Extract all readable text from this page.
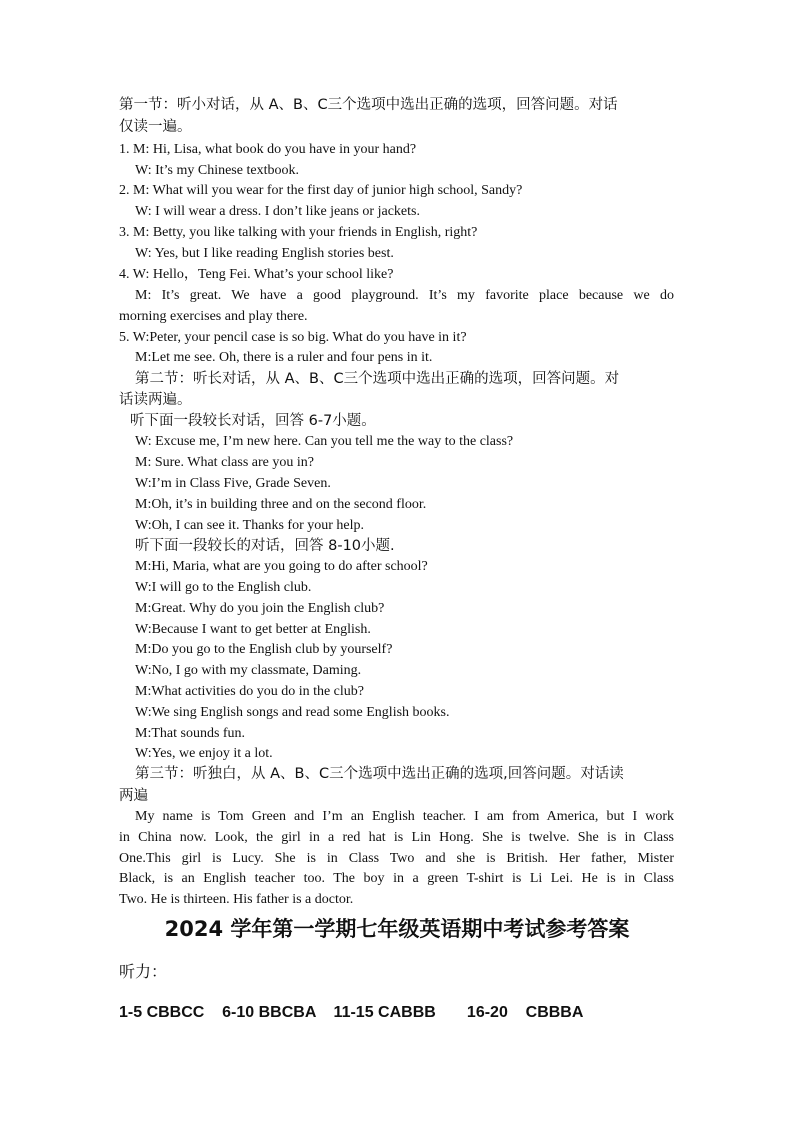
第一节：听小对话，从 A、B、C三个选项中选出正确的选项，回答问题。对话
仅读一遍。
1. M: Hi, Lisa, what book do you have in your hand?
W: It’s my Chinese textbook.
2. M: What will you wear for the first day of junior high school, Sandy?
W: I will wear a dress. I don’t like jeans or jackets.
3. M: Betty, you like talking with your friends in English, right?
W: Yes, but I like reading English stories best.
4. W: Hello，Teng Fei. What’s your school like?
M: It’s great. We have a good playground. It’s my favorite place because we do
morning exercises and play there.
5. W:Peter, your pencil case is so big. What do you have in it?
M:Let me see. Oh, there is a ruler and four pens in it.
第二节：听长对话，从 A、B、C三个选项中选出正确的选项，回答问题。对
话读两遍。
听下面一段较长对话，回答 6-7小题。
W: Excuse me, I’m new here. Can you tell me the way to the class?
M: Sure. What class are you in?
W:I’m in Class Five, Grade Seven.
M:Oh, it’s in building three and on the second floor.
W:Oh, I can see it. Thanks for your help.
听下面一段较长的对话，回答 8-10小题.
M:Hi, Maria, what are you going to do after school?
W:I will go to the English club.
M:Great. Why do you join the English club?
W:Because I want to get better at English.
M:Do you go to the English club by yourself?
W:No, I go with my classmate, Daming.
M:What activities do you do in the club?
W:We sing English songs and read some English books.
M:That sounds fun.
W:Yes, we enjoy it a lot.
第三节：听独白，从 A、B、C三个选项中选出正确的选项,回答问题。对话读
两遍
My name is Tom Green and I’m an English teacher. I am from America, but I work
in China now. Look, the girl in a red hat is Lin Hong. She is twelve. She is in Class
One.This girl is Lucy. She is in Class Two and she is British. Her father, Mister
Black, is an English teacher too. The boy in a green T-shirt is Li Lei. He is in Class
Two. He is thirteen. His father is a doctor.
2024 学年第一学期七年级英语期中考试参考答案
听力：
1-5 CBBCC    6-10 BBCBA    11-15 CABBB       16-20    CBBBA
